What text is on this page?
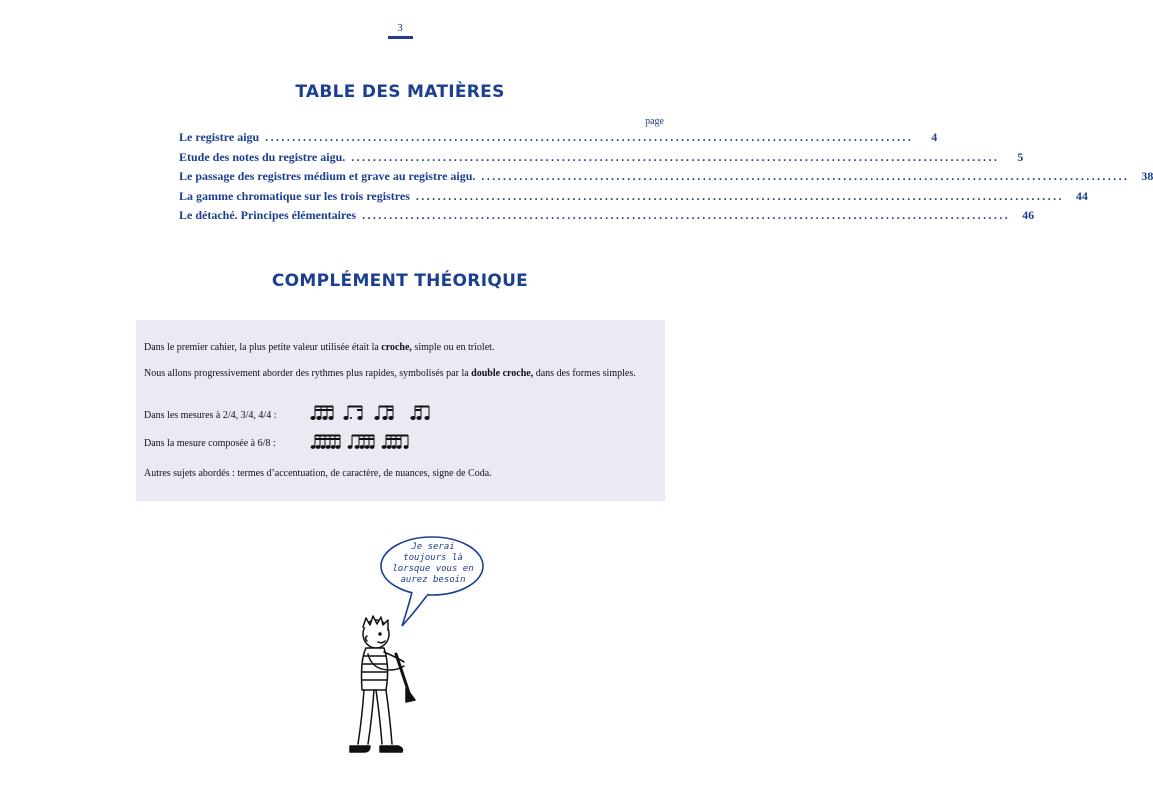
3
TABLE DES MATIÈRES
page
Le registre aigu ........................................................................................................................	4
Etude des notes du registre aigu. ........................................................................................................................	5
Le passage des registres médium et grave au registre aigu. ........................................................................................................................	38
La gamme chromatique sur les trois registres ........................................................................................................................	44
Le détaché. Principes élémentaires ........................................................................................................................	46
COMPLÉMENT THÉORIQUE
Dans le premier cahier, la plus petite valeur utilisée était la croche, simple ou en triolet.
Nous allons progressivement aborder des rythmes plus rapides, symbolisés par la double croche, dans des formes simples.
Dans les mesures à 2/4, 3/4, 4/4 :
Dans la mesure composée à 6/8 :
Autres sujets abordés : termes d’accentuation, de caractère, de nuances, signe de Coda.
Je serai
toujours là
lorsque vous en
aurez besoin
